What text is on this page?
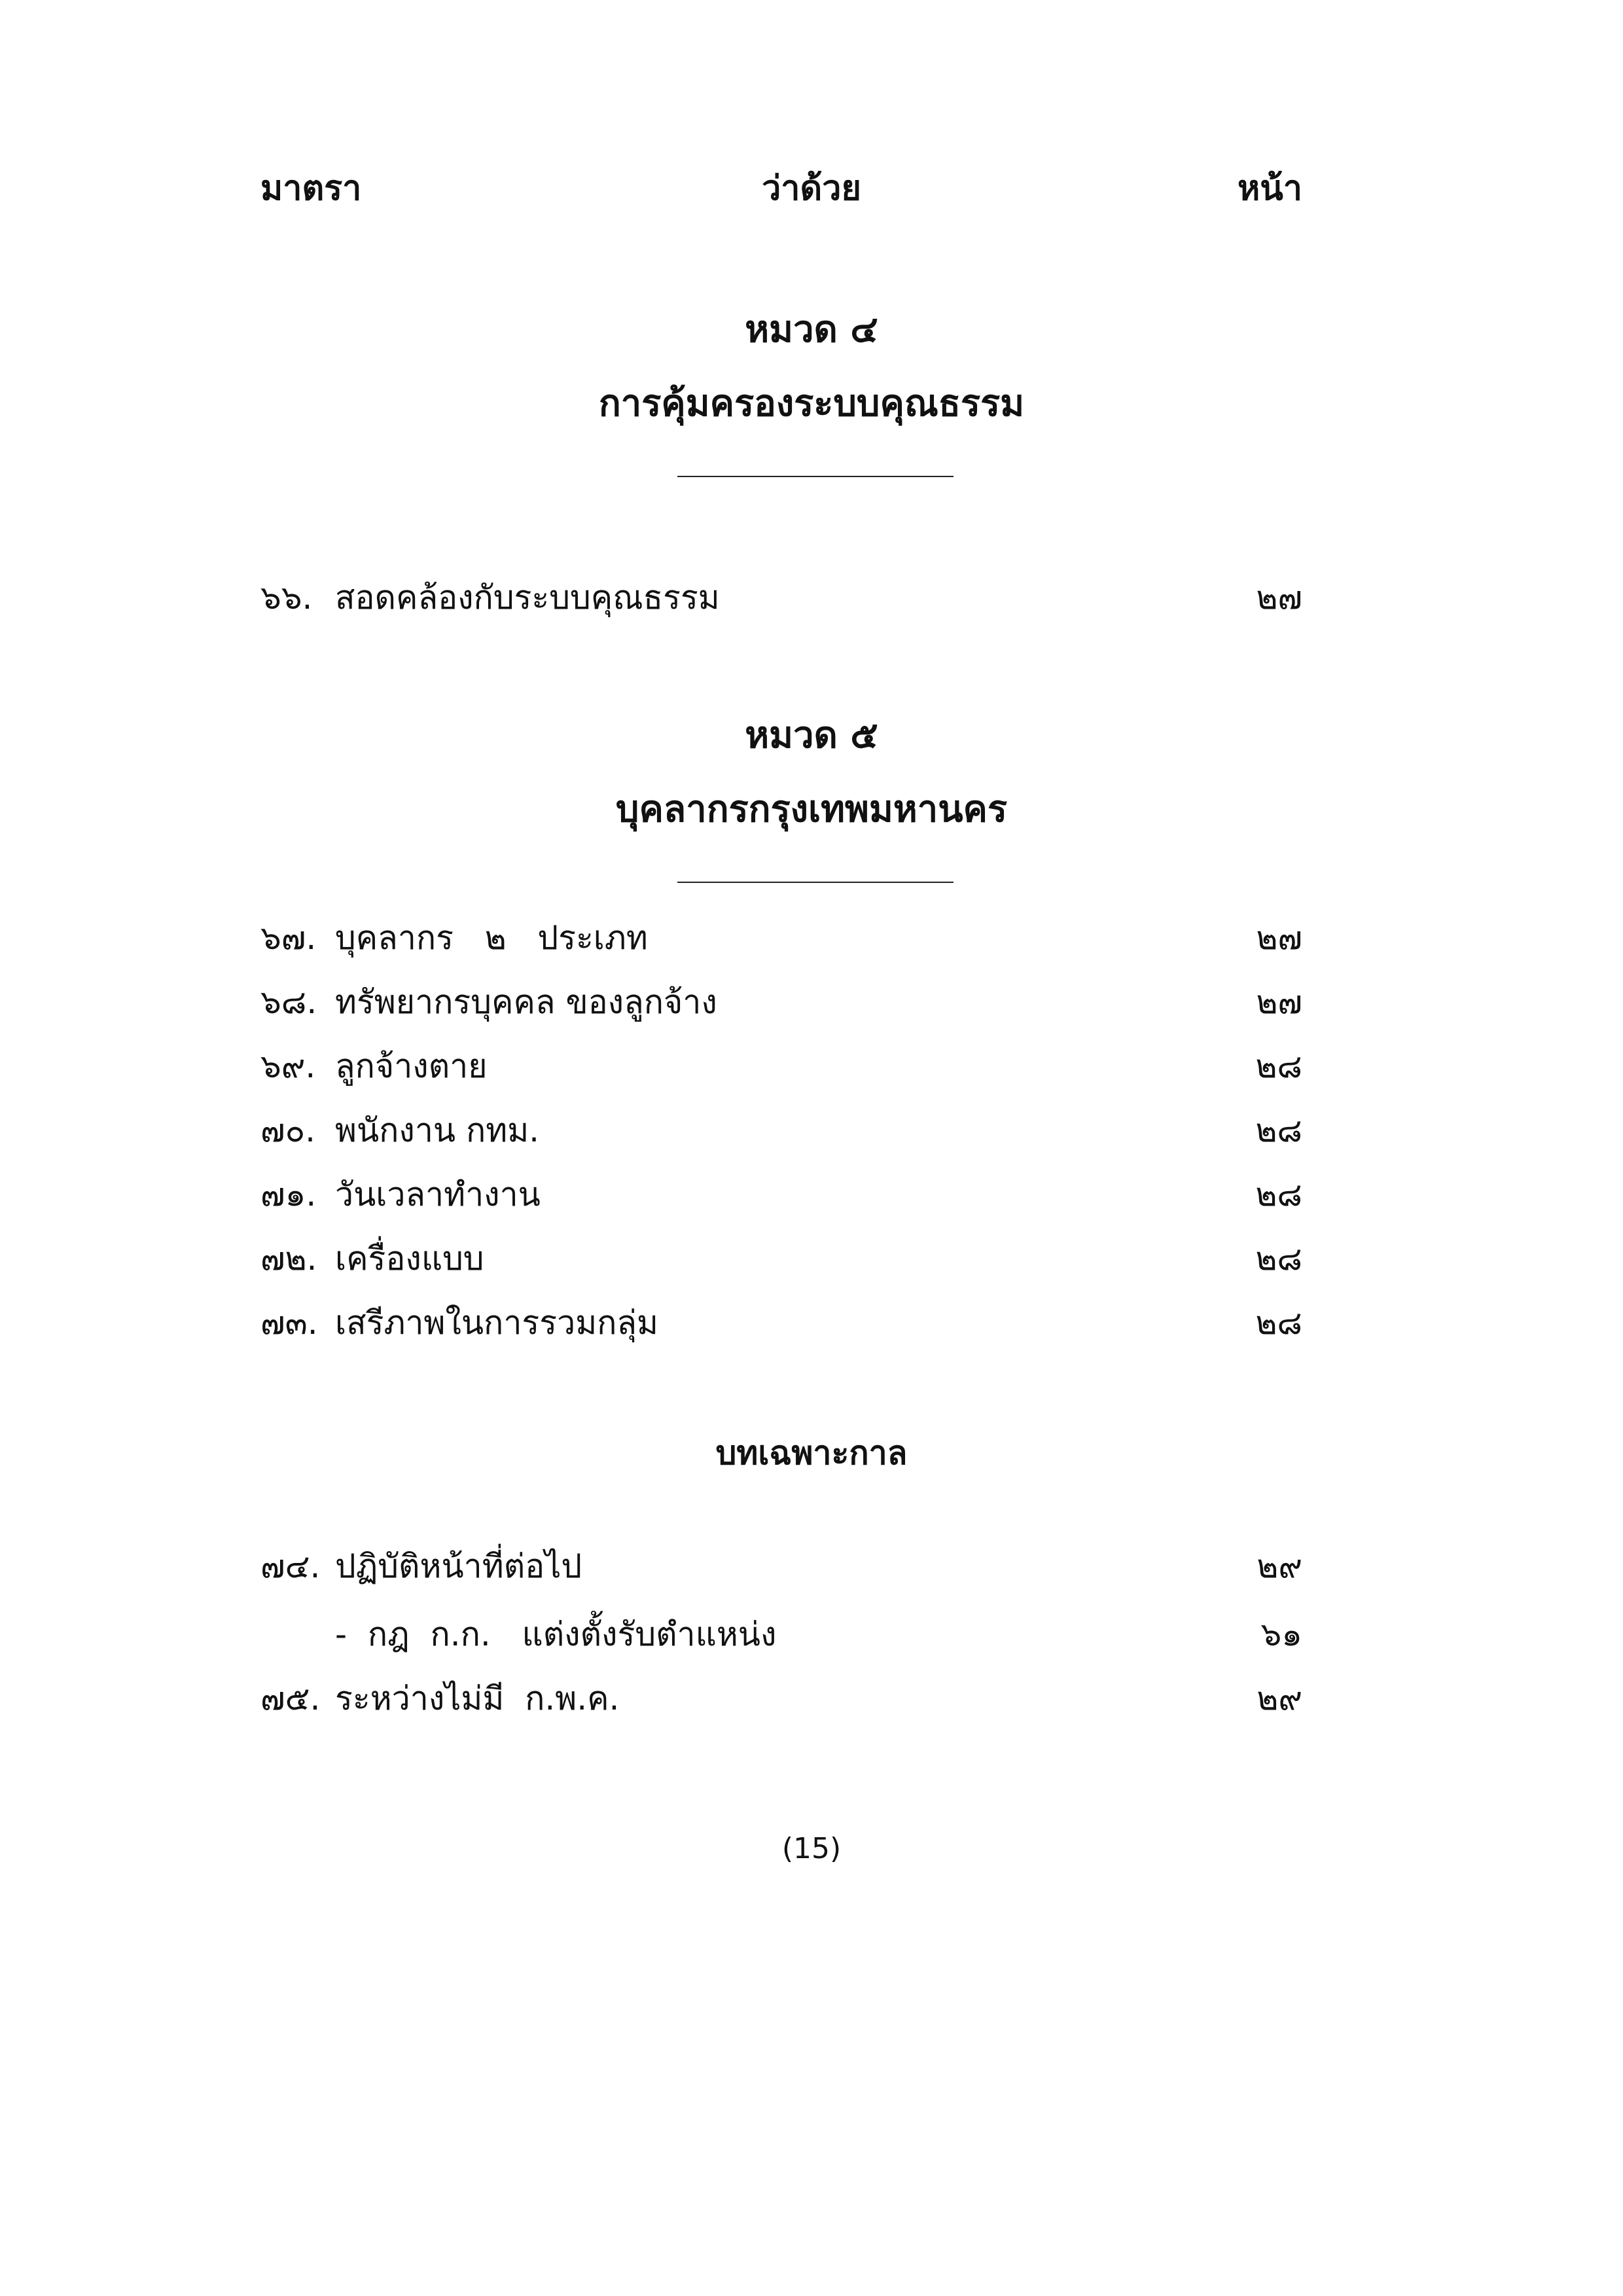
มาตรา	ว่าด้วย	หน้า
หมวด ๔
การคุ้มครองระบบคุณธรรม
๖๖. สอดคล้องกับระบบคุณธรรม	๒๗
หมวด ๕
บุคลากรกรุงเทพมหานคร
๖๗. บุคลากร   ๒   ประเภท	๒๗
๖๘. ทรัพยากรบุคคล ของลูกจ้าง	๒๗
๖๙. ลูกจ้างตาย	๒๘
๗๐. พนักงาน กทม.	๒๘
๗๑. วันเวลาทำงาน	๒๘
๗๒. เครื่องแบบ	๒๘
๗๓. เสรีภาพในการรวมกลุ่ม	๒๘
บทเฉพาะกาล
๗๔. ปฏิบัติหน้าที่ต่อไป	๒๙
-  กฎ  ก.ก.   แต่งตั้งรับตำแหน่ง	๖๑
๗๕. ระหว่างไม่มี  ก.พ.ค.	๒๙
(15)
